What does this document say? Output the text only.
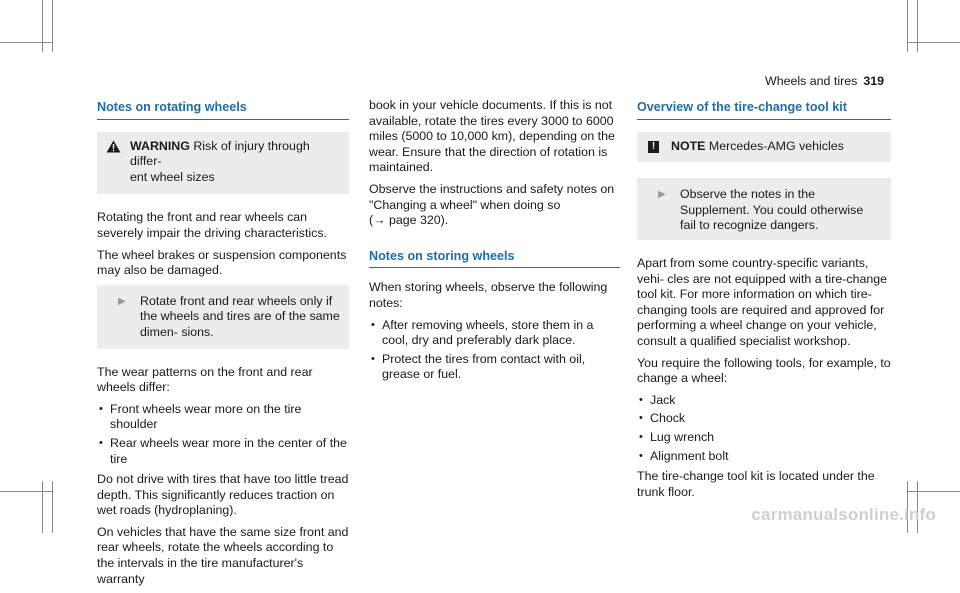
Wheels and tires 319
Notes on rotating wheels
WARNING Risk of injury through differ-
ent wheel sizes

Rotating the front and rear wheels can severely impair the driving characteristics.

The wheel brakes or suspension components may also be damaged.

▶	Rotate front and rear wheels only if the wheels and tires are of the same dimen- sions.

The wear patterns on the front and rear wheels differ:

• Front wheels wear more on the tire shoulder
• Rear wheels wear more in the center of the tire

Do not drive with tires that have too little tread depth. This significantly reduces traction on wet roads (hydroplaning).

On vehicles that have the same size front and rear wheels, rotate the wheels according to the intervals in the tire manufacturer's warranty

book in your vehicle documents. If this is not available, rotate the tires every 3000 to 6000 miles (5000 to 10,000 km), depending on the wear. Ensure that the direction of rotation is maintained.

Observe the instructions and safety notes on "Changing a wheel" when doing so

(→ page 320).

Notes on storing wheels

When storing wheels, observe the following notes:

• After removing wheels, store them in a cool, dry and preferably dark place.
• Protect the tires from contact with oil, grease or fuel.
Overview of the tire-change tool kit
!	NOTE Mercedes-AMG vehicles
▶	Observe the notes in the Supplement. You could otherwise fail to recognize dangers.

Apart from some country-specific variants, vehi- cles are not equipped with a tire-change tool kit. For more information on which tire-changing tools are required and approved for performing a wheel change on your vehicle, consult a qualified specialist workshop.

You require the following tools, for example, to change a wheel:

• Jack
• Chock
• Lug wrench
• Alignment bolt

The tire-change tool kit is located under the trunk floor.

carmanualsonline.info
